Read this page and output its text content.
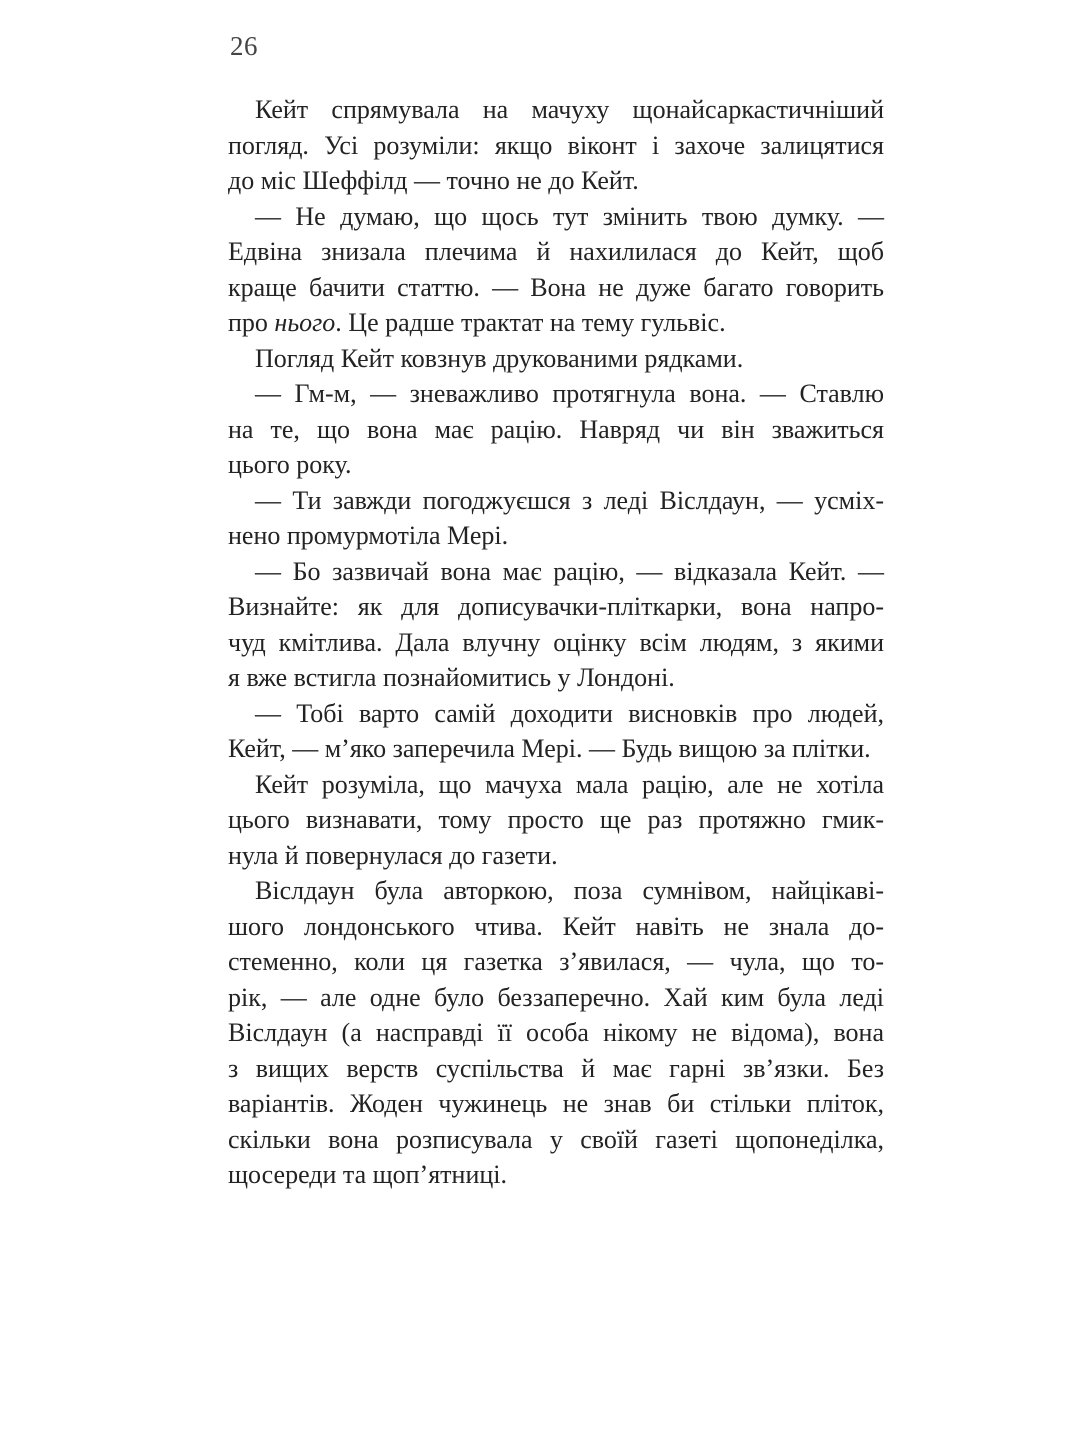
26
Кейт спрямувала на мачуху щонайсаркастичніший
погляд. Усі розуміли: якщо віконт і захоче залицятися
до міс Шеффілд — точно не до Кейт.
— Не думаю, що щось тут змінить твою думку. —
Едвіна знизала плечима й нахилилася до Кейт, щоб
краще бачити статтю. — Вона не дуже багато говорить
про нього. Це радше трактат на тему гульвіс.
Погляд Кейт ковзнув друкованими рядками.
— Гм-м, — зневажливо протягнула вона. — Ставлю
на те, що вона має рацію. Навряд чи він зважиться
цього року.
— Ти завжди погоджуєшся з леді Віслдаун, — усміх-
нено промурмотіла Мері.
— Бо зазвичай вона має рацію, — відказала Кейт. —
Визнайте: як для дописувачки-пліткарки, вона напро-
чуд кмітлива. Дала влучну оцінку всім людям, з якими
я вже встигла познайомитись у Лондоні.
— Тобі варто самій доходити висновків про людей,
Кейт, — м’яко заперечила Мері. — Будь вищою за плітки.
Кейт розуміла, що мачуха мала рацію, але не хотіла
цього визнавати, тому просто ще раз протяжно гмик-
нула й повернулася до газети.
Віслдаун була авторкою, поза сумнівом, найцікаві-
шого лондонського чтива. Кейт навіть не знала до-
стеменно, коли ця газетка з’явилася, — чула, що то-
рік, — але одне було беззаперечно. Хай ким була леді
Віслдаун (а насправді її особа нікому не відома), вона
з вищих верств суспільства й має гарні зв’язки. Без
варіантів. Жоден чужинець не знав би стільки пліток,
скільки вона розписувала у своїй газеті щопонеділка,
щосереди та щоп’ятниці.
